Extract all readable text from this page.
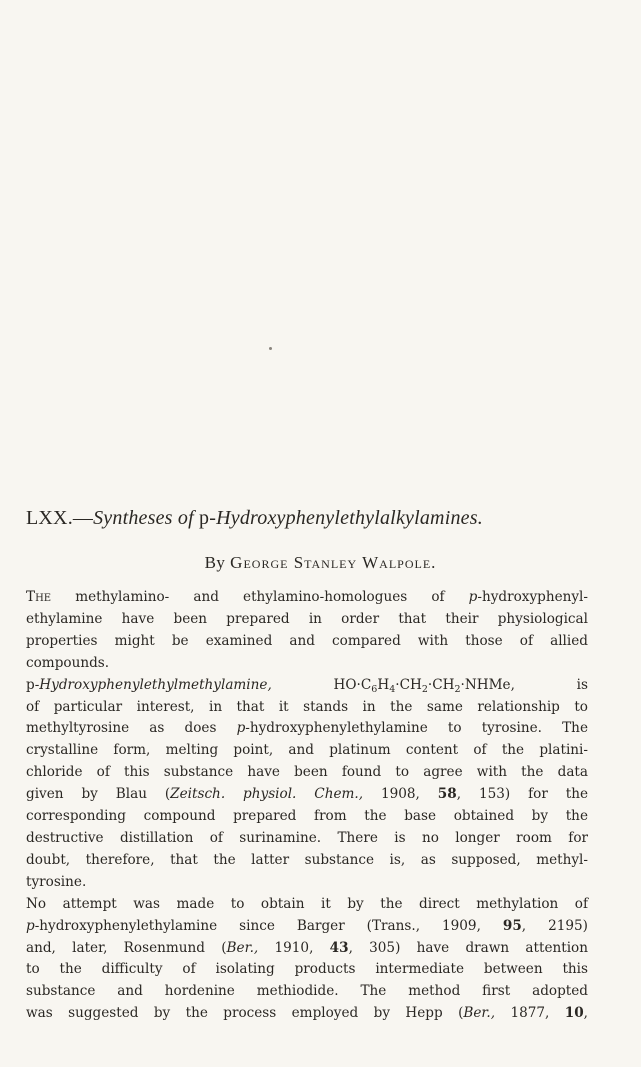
LXX.—Syntheses of p-Hydroxyphenylethylalkylamines.
By George Stanley Walpole.
The methylamino- and ethylamino-homologues of p-hydroxyphenyl-
ethylamine have been prepared in order that their physiological
properties might be examined and compared with those of allied
compounds.
p-Hydroxyphenylethylmethylamine, $HO\cdot C_6H_4\cdot CH_2\cdot CH_2\cdot NHMe$, is
of particular interest, in that it stands in the same relationship to
methyltyrosine as does p-hydroxyphenylethylamine to tyrosine. The
crystalline form, melting point, and platinum content of the platini-
chloride of this substance have been found to agree with the data
given by Blau (Zeitsch. physiol. Chem., 1908, 58, 153) for the
corresponding compound prepared from the base obtained by the
destructive distillation of surinamine. There is no longer room for
doubt, therefore, that the latter substance is, as supposed, methyl-
tyrosine.
No attempt was made to obtain it by the direct methylation of
p-hydroxyphenylethylamine since Barger (Trans., 1909, 95, 2195)
and, later, Rosenmund (Ber., 1910, 43, 305) have drawn attention
to the difficulty of isolating products intermediate between this
substance and hordenine methiodide. The method first adopted
was suggested by the process employed by Hepp (Ber., 1877, 10,
